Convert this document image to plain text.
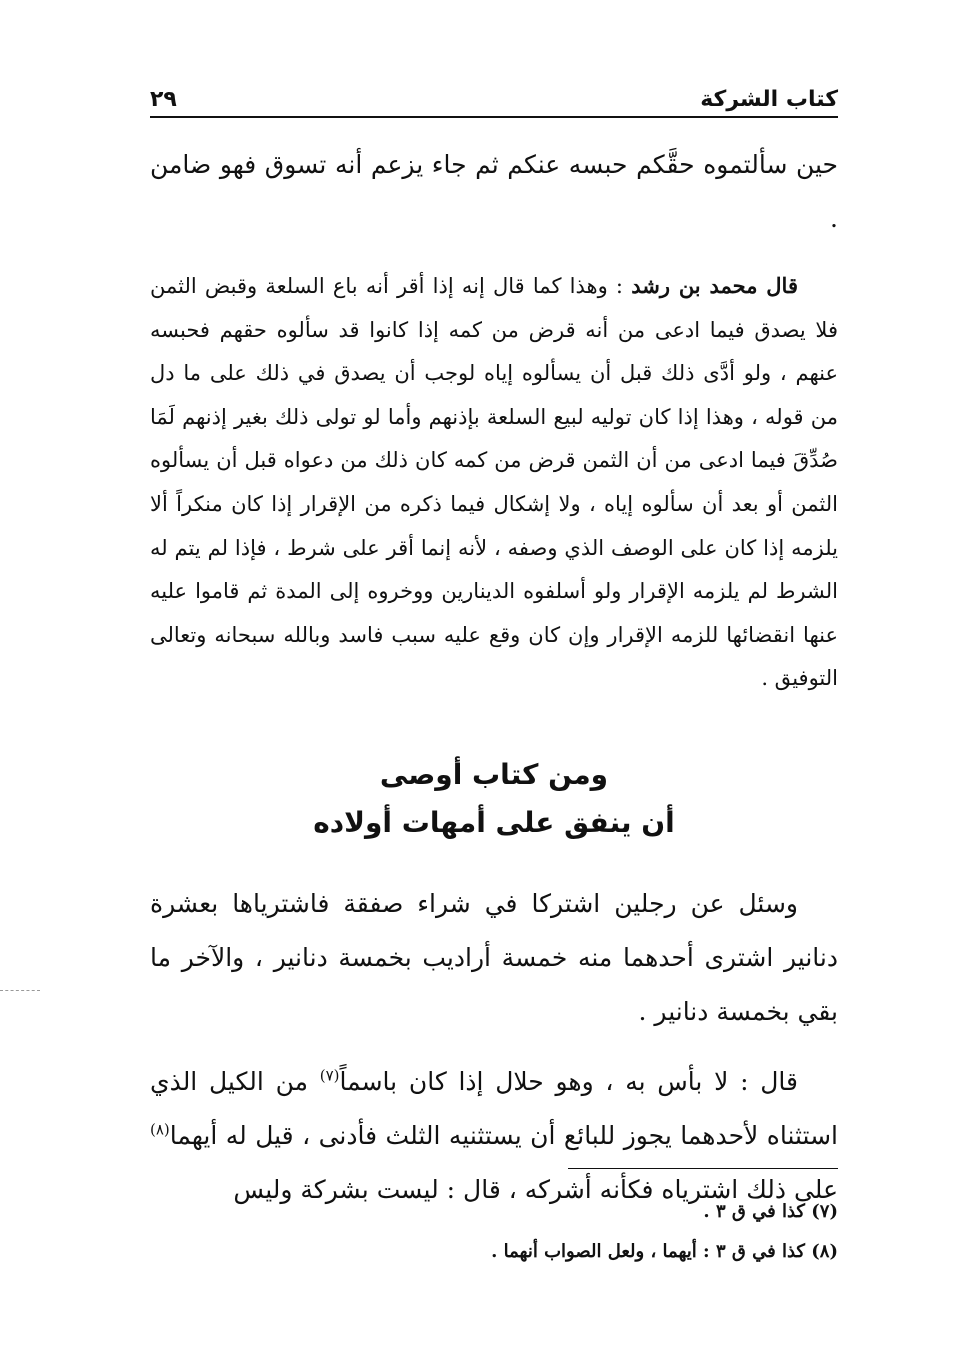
كتاب الشركة
٢٩

حين سألتموه حقَّكم حبسه عنكم ثم جاء يزعم أنه تسوق فهو ضامن .

قال محمد بن رشد : وهذا كما قال إنه إذا أقر أنه باع السلعة وقبض الثمن فلا يصدق فيما ادعى من أنه قرض من كمه إذا كانوا قد سألوه حقهم فحبسه عنهم ، ولو أدَّى ذلك قبل أن يسألوه إياه لوجب أن يصدق في ذلك على ما دل من قوله ، وهذا إذا كان توليه لبيع السلعة بإذنهم وأما لو تولى ذلك بغير إذنهم لَمَا صُدِّقَ فيما ادعى من أن الثمن قرض من كمه كان ذلك من دعواه قبل أن يسألوه الثمن أو بعد أن سألوه إياه ، ولا إشكال فيما ذكره من الإقرار إذا كان منكراً ألا يلزمه إذا كان على الوصف الذي وصفه ، لأنه إنما أقر على شرط ، فإذا لم يتم له الشرط لم يلزمه الإقرار ولو أسلفوه الدينارين ووخروه إلى المدة ثم قاموا عليه عنها انقضائها للزمه الإقرار وإن كان وقع عليه سبب فاسد وبالله سبحانه وتعالى التوفيق .

ومن كتاب أوصى

أن ينفق على أمهات أولاده

وسئل عن رجلين اشتركا في شراء صفقة فاشترياها بعشرة دنانير اشترى أحدهما منه خمسة أراديب بخمسة دنانير ، والآخر ما بقي بخمسة دنانير .

قال : لا بأس به ، وهو حلال إذا كان باسماً$^{(٧)}$ من الكيل الذي استثناه لأحدهما يجوز للبائع أن يستثنيه الثلث فأدنى ، قيل له أيهما$^{(٨)}$ على ذلك اشترياه فكأنه أشركه ، قال : ليست بشركة وليس

(٧) كذا في ق ٣ .

(٨) كذا في ق ٣ : أيهما ، ولعل الصواب أنهما .
